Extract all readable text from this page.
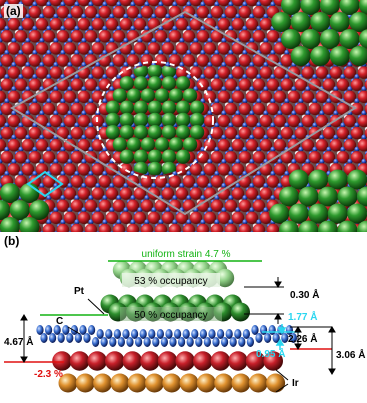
(a)
(b)
uniform strain 4.7 %
53 % occupancy
50 % occupancy
Pt
C
Ir
0.30 Å
1.77 Å
0.95 Å
2.26 Å
3.06 Å
4.67 Å
-2.3 %
